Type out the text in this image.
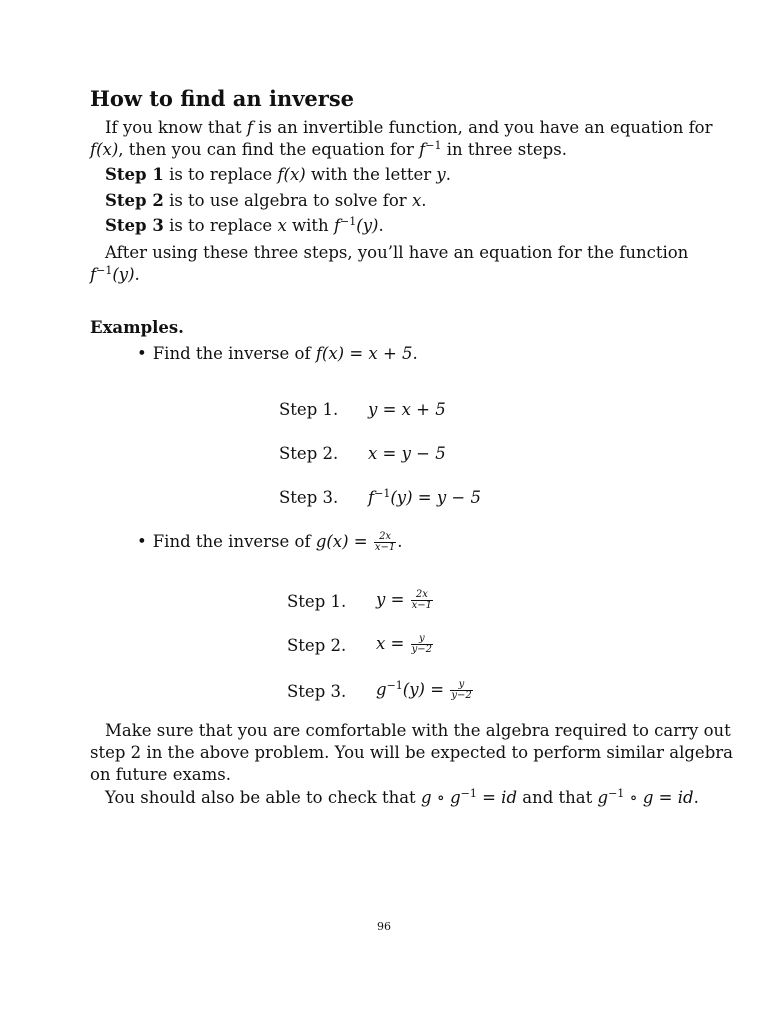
How to find an inverse
If you know that f is an invertible function, and you have an equation for
f(x), then you can find the equation for $f^{-1}$ in three steps.
Step 1 is to replace f(x) with the letter y.
Step 2 is to use algebra to solve for x.
Step 3 is to replace x with $f^{-1}(y)$.
After using these three steps, you’ll have an equation for the function
$f^{-1}(y)$.
Examples.
• Find the inverse of f(x) = x + 5.
Step 1. y = x + 5
Step 2. x = y − 5
Step 3. $f^{-1}(y) = y - 5$
• Find the inverse of $g(x) = \frac{2x}{x-1}$ .
Step 1. $y = \frac{2x}{x-1}$
Step 2. $x = \frac{y}{y-2}$
Step 3. $g^{-1}(y) = \frac{y}{y-2}$
Make sure that you are comfortable with the algebra required to carry out
step 2 in the above problem. You will be expected to perform similar algebra
on future exams.
You should also be able to check that g ∘ $g^{-1}$ = id and that $g^{-1}$ ∘ g = id.
96
